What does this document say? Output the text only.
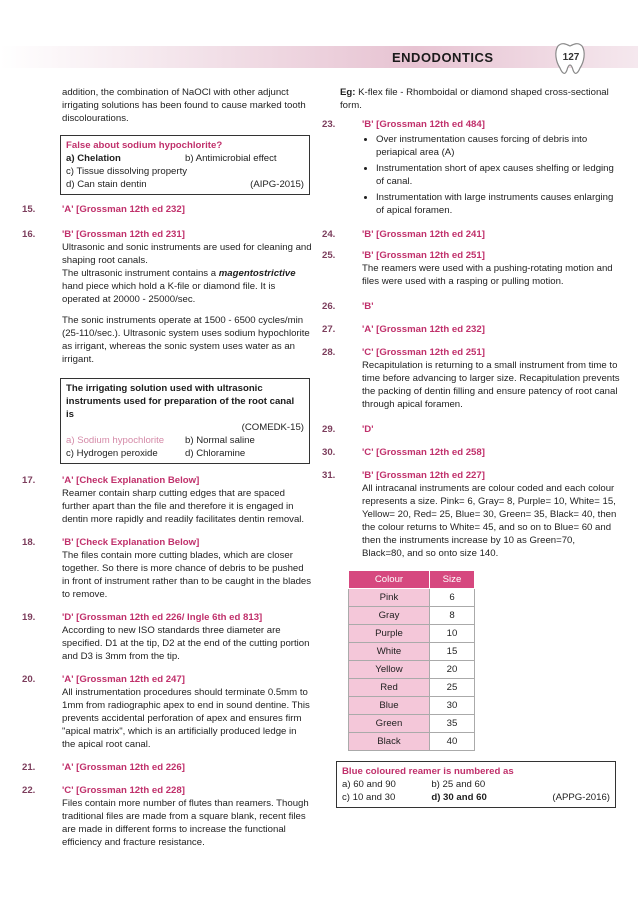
ENDODONTICS	127

addition, the combination of NaOCl with other adjunct irrigating solutions has been found to cause marked tooth discolourations.

False about sodium hypochlorite?
a) Chelation	b) Antimicrobial effect
c) Tissue dissolving property
d) Can stain dentin	(AIPG-2015)
15.	'A' [Grossman 12th ed 232]
16.	'B' [Grossman 12th ed 231]

Ultrasonic and sonic instruments are used for cleaning and shaping root canals.

The ultrasonic instrument contains a magentostrictive hand piece which hold a K-file or diamond file. It is operated at 20000 - 25000/sec.

The sonic instruments operate at 1500 - 6500 cycles/min (25-110/sec.). Ultrasonic system uses sodium hypochlorite as irrigant, whereas the sonic system uses water as an irrigant.

The irrigating solution used with ultrasonic instruments used for preparation of the root canal is
(COMEDK-15)
a) Sodium hypochlorite	b) Normal saline
c) Hydrogen peroxide	d) Chloramine
17.	'A' [Check Explanation Below]

Reamer contain sharp cutting edges that are spaced further apart than the file and therefore it is engaged in dentin more rapidly and readily facilitates dentin removal.

18.	'B' [Check Explanation Below]

The files contain more cutting blades, which are closer together. So there is more chance of debris to be pushed in front of instrument rather than to be caught in the blades to remove.

19.	'D' [Grossman 12th ed 226/ Ingle 6th ed 813]

According to new ISO standards three diameter are specified. D1 at the tip, D2 at the end of the cutting portion and D3 is 3mm from the tip.

20.	'A' [Grossman 12th ed 247]

All instrumentation procedures should terminate 0.5mm to 1mm from radiographic apex to end in sound dentine. This prevents accidental perforation of apex and ensures firm "apical matrix", which is an artificially produced ledge in the apical root canal.

21.	'A' [Grossman 12th ed 226]
22.	'C' [Grossman 12th ed 228]

Files contain more number of flutes than reamers. Though traditional files are made from a square blank, recent files are made in different forms to increase the functional efficiency and fracture resistance.

Eg: K-flex file - Rhomboidal or diamond shaped cross-sectional form.

23.	'B' [Grossman 12th ed 484]
• Over instrumentation causes forcing of debris into periapical area (A)
• Instrumentation short of apex causes shelfing or ledging of canal.
• Instrumentation with large instruments causes enlarging of apical foramen.
24.	'B' [Grossman 12th ed 241]
25.	'B' [Grossman 12th ed 251]

The reamers were used with a pushing-rotating motion and files were used with a rasping or pulling motion.

26.	'B'
27.	'A' [Grossman 12th ed 232]
28.	'C' [Grossman 12th ed 251]

Recapitulation is returning to a small instrument from time to time before advancing to larger size. Recapitulation prevents the packing of dentin filling and ensure patency of root canal through apical foramen.

29.	'D'
30.	'C' [Grossman 12th ed 258]
31.	'B' [Grossman 12th ed 227]

All intracanal instruments are colour coded and each colour represents a size. Pink= 6, Gray= 8, Purple= 10, White= 15, Yellow= 20, Red= 25, Blue= 30, Green= 35, Black= 40, then the colour returns to White= 45, and so on to Blue= 60 and then the instruments increase by 10 as Green=70, Black=80, and so onto size 140.

Colour	Size
Pink	6
Gray	8
Purple	10
White	15
Yellow	20
Red	25
Blue	30
Green	35
Black	40
Blue coloured reamer is numbered as
a) 60 and 90	b) 25 and 60
c) 10 and 30	d) 30 and 60	(APPG-2016)
